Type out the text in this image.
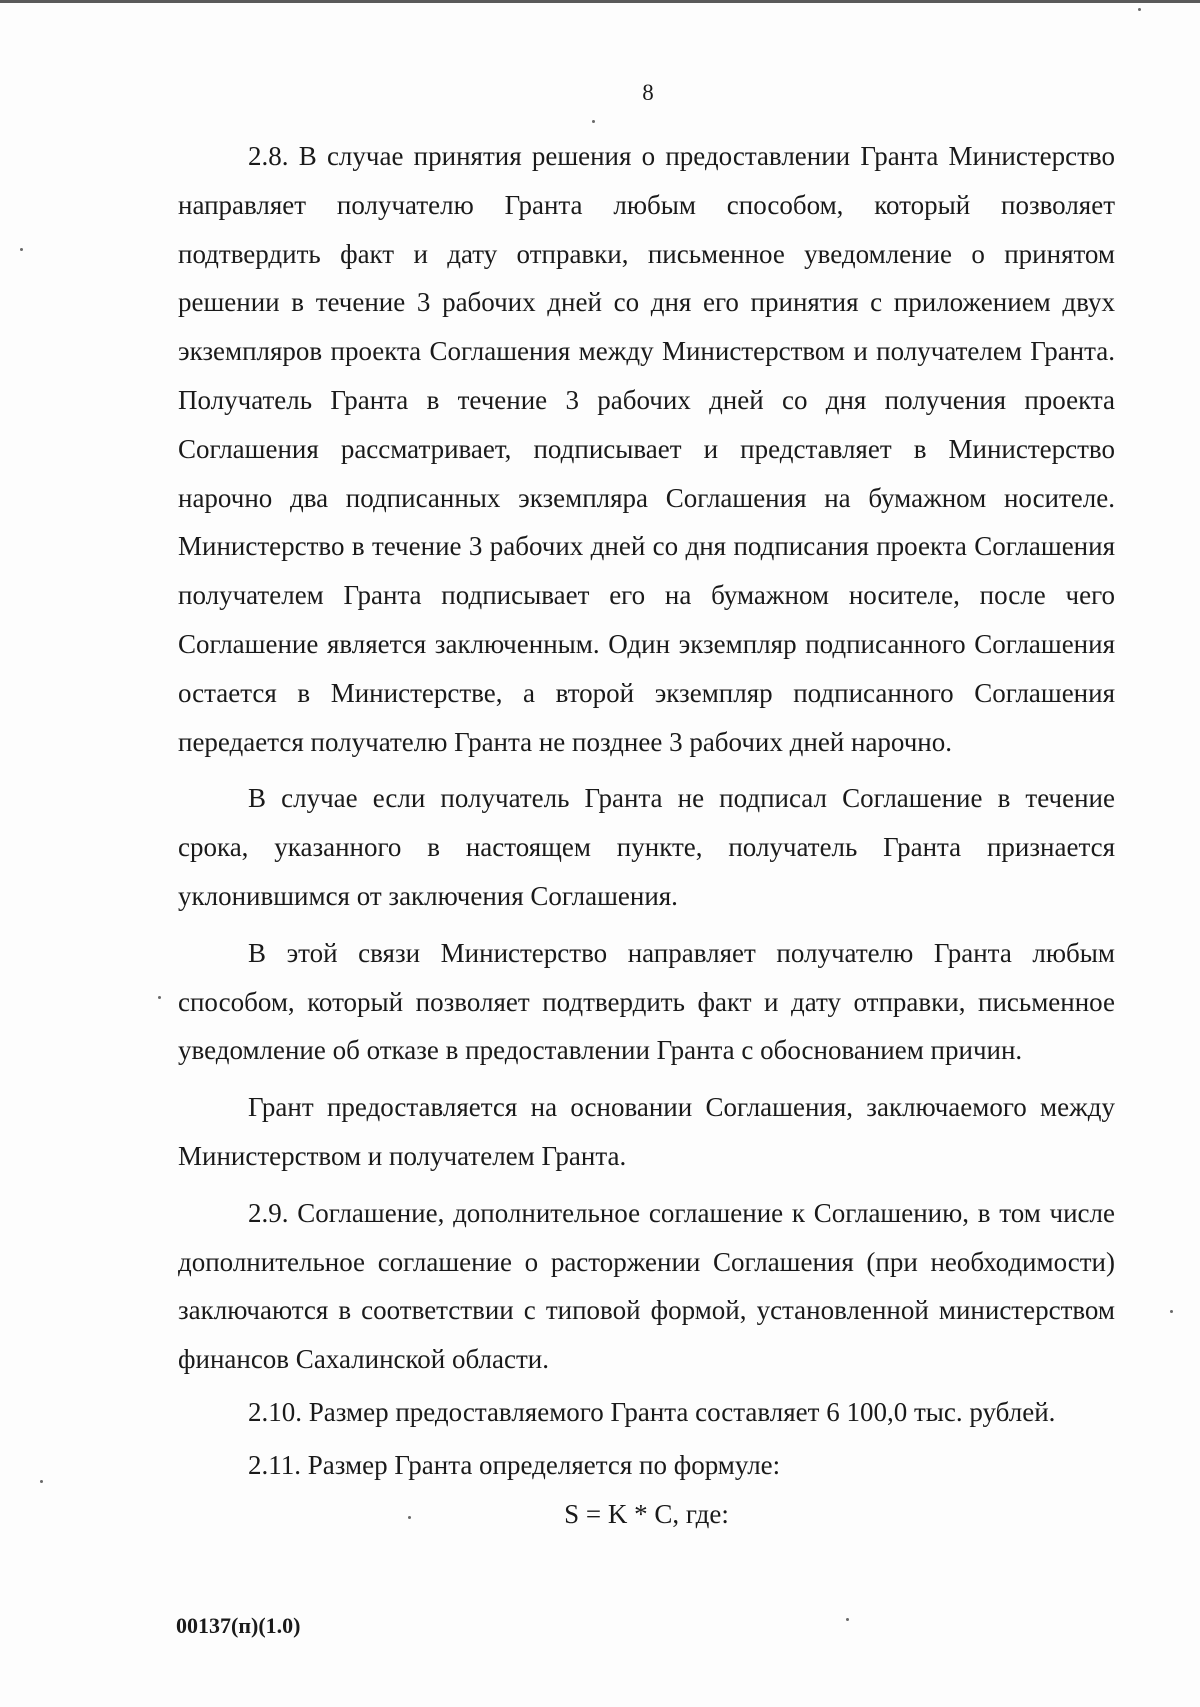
8

2.8. В случае принятия решения о предоставлении Гранта Министерство направляет получателю Гранта любым способом, который позволяет подтвердить факт и дату отправки, письменное уведомление о принятом решении в течение 3 рабочих дней со дня его принятия с приложением двух экземпляров проекта Соглашения между Министерством и получателем Гранта. Получатель Гранта в течение 3 рабочих дней со дня получения проекта Соглашения рассматривает, подписывает и представляет в Министерство нарочно два подписанных экземпляра Соглашения на бумажном носителе. Министерство в течение 3 рабочих дней со дня подписания проекта Соглашения получателем Гранта подписывает его на бумажном носителе, после чего Соглашение является заключенным. Один экземпляр подписанного Соглашения остается в Министерстве, а второй экземпляр подписанного Соглашения передается получателю Гранта не позднее 3 рабочих дней нарочно.

В случае если получатель Гранта не подписал Соглашение в течение срока, указанного в настоящем пункте, получатель Гранта признается уклонившимся от заключения Соглашения.

В этой связи Министерство направляет получателю Гранта любым способом, который позволяет подтвердить факт и дату отправки, письменное уведомление об отказе в предоставлении Гранта с обоснованием причин.

Грант предоставляется на основании Соглашения, заключаемого между Министерством и получателем Гранта.

2.9. Соглашение, дополнительное соглашение к Соглашению, в том числе дополнительное соглашение о расторжении Соглашения (при необходимости) заключаются в соответствии с типовой формой, установленной министерством финансов Сахалинской области.

2.10. Размер предоставляемого Гранта составляет 6 100,0 тыс. рублей.

2.11. Размер Гранта определяется по формуле:

S = K * C, где:
00137(п)(1.0)
